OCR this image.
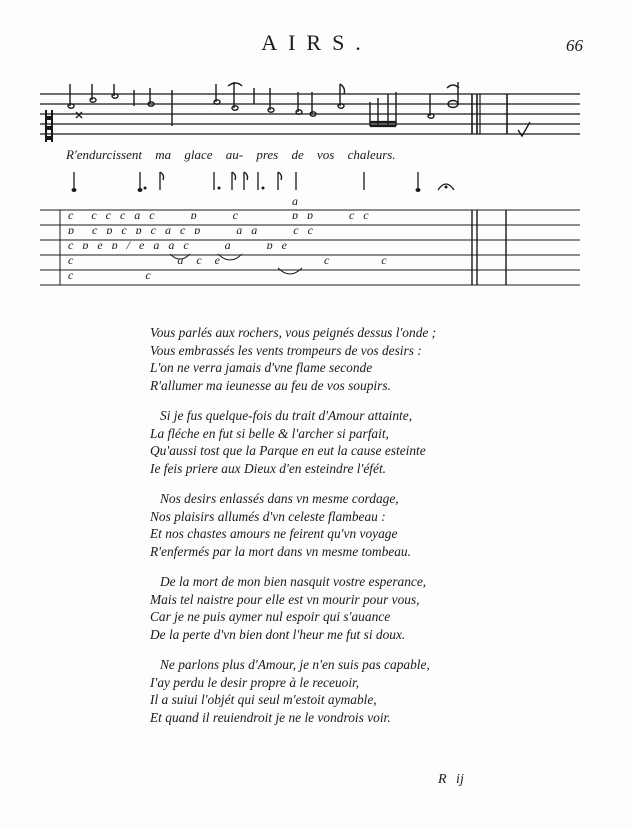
AIRS.	66
R'endurcissent ma glace au- pres de vos chaleurs.
a
c  c c c a c    ɒ    c      ɒ ɒ    c c
ɒ  c ɒ c ɒ c a c ɒ    a a    c c
c ɒ e ɒ / e a a c    a    ɒ e
c        a c e        c    c
c                        c
Vous parlés aux rochers, vous peignés dessus l'onde ;
Vous embrassés les vents trompeurs de vos desirs :
L'on ne verra jamais d'vne flame seconde
R'allumer ma ieunesse au feu de vos soupirs.
Si je fus quelque-fois du trait d'Amour attainte,
La fléche en fut si belle & l'archer si parfait,
Qu'aussi tost que la Parque en eut la cause esteinte
Ie feis priere aux Dieux d'en esteindre l'éfét.
Nos desirs enlassés dans vn mesme cordage,
Nos plaisirs allumés d'vn celeste flambeau :
Et nos chastes amours ne feirent qu'vn voyage
R'enfermés par la mort dans vn mesme tombeau.
De la mort de mon bien nasquit vostre esperance,
Mais tel naistre pour elle est vn mourir pour vous,
Car je ne puis aymer nul espoir qui s'auance
De la perte d'vn bien dont l'heur me fut si doux.
Ne parlons plus d'Amour, je n'en suis pas capable,
I'ay perdu le desir propre à le receuoir,
Il a suiui l'objét qui seul m'estoit aymable,
Et quand il reuiendroit je ne le vondrois voir.
R ij
